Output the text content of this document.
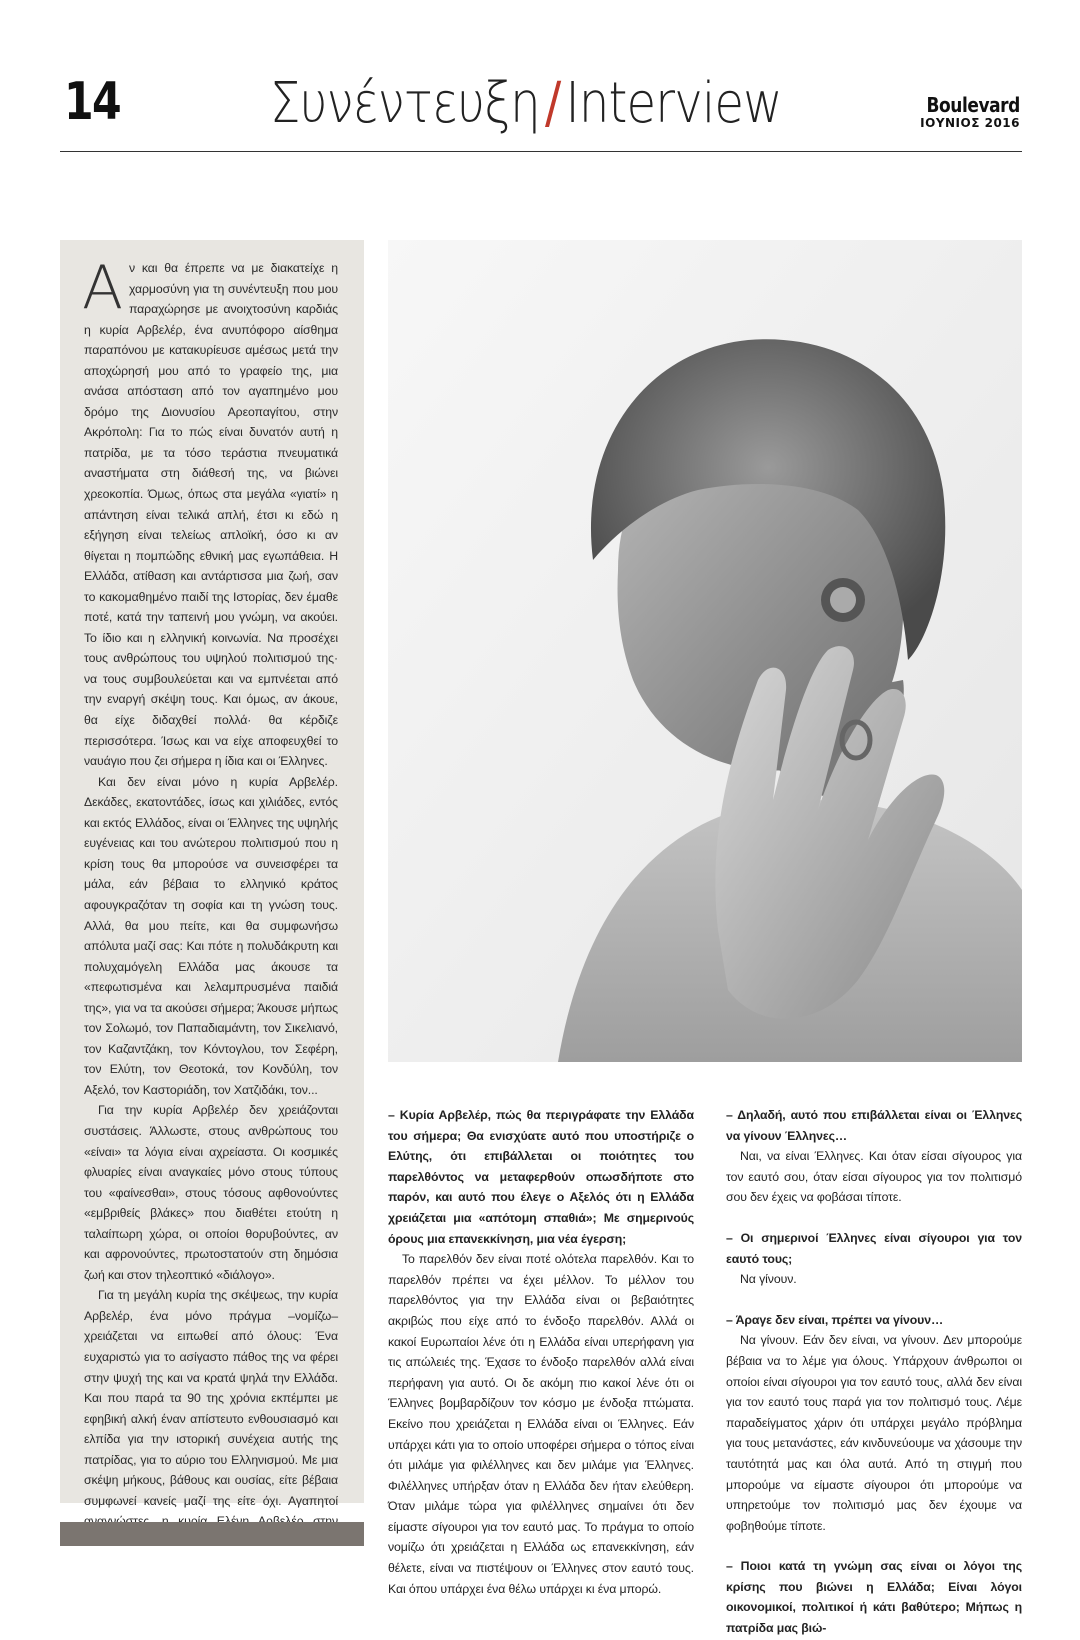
14	Συνέντευξη/Interview	Boulevard
ΙΟΥΝΙΟΣ 2016

Αν και θα έπρεπε να με διακατείχε η χαρμοσύνη για τη συνέντευξη που μου παραχώρησε με ανοιχτοσύνη καρδιάς η κυρία Αρβελέρ, ένα ανυπόφορο αίσθημα παραπόνου με κατακυρίευσε αμέσως μετά την αποχώρησή μου από το γραφείο της, μια ανάσα απόσταση από τον αγαπημένο μου δρόμο της Διονυσίου Αρεοπαγίτου, στην Ακρόπολη: Για το πώς είναι δυνατόν αυτή η πατρίδα, με τα τόσο τεράστια πνευματικά αναστήματα στη διάθεσή της, να βιώνει χρεοκοπία. Όμως, όπως στα μεγάλα «γιατί» η απάντηση είναι τελικά απλή, έτσι κι εδώ η εξήγηση είναι τελείως απλοϊκή, όσο κι αν θίγεται η πομπώδης εθνική μας εγωπάθεια. Η Ελλάδα, ατίθαση και αντάρτισσα μια ζωή, σαν το κακομαθημένο παιδί της Ιστορίας, δεν έμαθε ποτέ, κατά την ταπεινή μου γνώμη, να ακούει. Το ίδιο και η ελληνική κοινωνία. Να προσέχει τους ανθρώπους του υψηλού πολιτισμού της· να τους συμβουλεύεται και να εμπνέεται από την εναργή σκέψη τους. Και όμως, αν άκουε, θα είχε διδαχθεί πολλά· θα κέρδιζε περισσότερα. Ίσως και να είχε αποφευχθεί το ναυάγιο που ζει σήμερα η ίδια και οι Έλληνες.

Και δεν είναι μόνο η κυρία Αρβελέρ. Δεκάδες, εκατοντάδες, ίσως και χιλιάδες, εντός και εκτός Ελλάδος, είναι οι Έλληνες της υψηλής ευγένειας και του ανώτερου πολιτισμού που η κρίση τους θα μπορούσε να συνεισφέρει τα μάλα, εάν βέβαια το ελληνικό κράτος αφουγκραζόταν τη σοφία και τη γνώση τους. Αλλά, θα μου πείτε, και θα συμφωνήσω απόλυτα μαζί σας: Και πότε η πολυδάκρυτη και πολυχαμόγελη Ελλάδα μας άκουσε τα «πεφωτισμένα και λελαμπρυσμένα παιδιά της», για να τα ακούσει σήμερα; Άκουσε μήπως τον Σολωμό, τον Παπαδιαμάντη, τον Σικελιανό, τον Καζαντζάκη, τον Κόντογλου, τον Σεφέρη, τον Ελύτη, τον Θεοτοκά, τον Κονδύλη, τον Αξελό, τον Καστοριάδη, τον Χατζιδάκι, τον...

Για την κυρία Αρβελέρ δεν χρειάζονται συστάσεις. Άλλωστε, στους ανθρώπους του «είναι» τα λόγια είναι αχρείαστα. Οι κοσμικές φλυαρίες είναι αναγκαίες μόνο στους τύπους του «φαίνεσθαι», στους τόσους αφθονούντες «εμβριθείς βλάκες» που διαθέτει ετούτη η ταλαίπωρη χώρα, οι οποίοι θορυβούντες, αν και αφρονούντες, πρωτοστατούν στη δημόσια ζωή και στον τηλεοπτικό «διάλογο».

Για τη μεγάλη κυρία της σκέψεως, την κυρία Αρβελέρ, ένα μόνο πράγμα –νομίζω– χρειάζεται να ειπωθεί από όλους: Ένα ευχαριστώ για το ασίγαστο πάθος της να φέρει στην ψυχή της και να κρατά ψηλά την Ελλάδα. Και που παρά τα 90 της χρόνια εκπέμπει με εφηβική αλκή έναν απίστευτο ενθουσιασμό και ελπίδα για την ιστορική συνέχεια αυτής της πατρίδας, για το αύριο του Ελληνισμού. Με μια σκέψη μήκους, βάθους και ουσίας, είτε βέβαια συμφωνεί κανείς μαζί της είτε όχι. Αγαπητοί

– Κυρία Αρβελέρ, πώς θα περιγράφατε την Ελλάδα του σήμερα; Θα ενισχύατε αυτό που υποστήριζε ο Ελύτης, ότι επιβάλλεται οι ποιότητες του παρελθόντος να μεταφερθούν οπωσδήποτε στο παρόν, και αυτό που έλεγε ο Αξελός ότι η Ελλάδα χρειάζεται μια «απότομη σπαθιά»; Με σημερινούς όρους μια επανεκκίνηση, μια νέα έγερση;

Το παρελθόν δεν είναι ποτέ ολότελα παρελθόν. Και το παρελθόν πρέπει να έχει μέλλον. Το μέλλον του παρελθόντος για την Ελλάδα είναι οι βεβαιότητες ακριβώς που είχε από το ένδοξο παρελθόν. Αλλά οι κακοί Ευρωπαίοι λένε ότι η Ελλάδα είναι υπερήφανη για τις απώλειές της. Έχασε το ένδοξο παρελθόν αλλά είναι περήφανη για αυτό. Οι δε ακόμη πιο κακοί λένε ότι οι Έλληνες βομβαρδίζουν τον κόσμο με ένδοξα πτώματα. Εκείνο που χρειάζεται η Ελλάδα είναι οι Έλληνες. Εάν υπάρχει κάτι για το οποίο υποφέρει σήμερα ο τόπος είναι ότι μιλάμε για φιλέλληνες και δεν μιλάμε για Έλληνες. Φιλέλληνες υπήρξαν όταν η Ελλάδα δεν ήταν ελεύθερη. Όταν μιλάμε τώρα για φιλέλληνες σημαίνει ότι δεν είμαστε σίγουροι για τον εαυτό μας. Το πράγμα το οποίο νομίζω ότι χρειάζεται η Ελλάδα ως επανεκκίνηση, εάν θέλετε, είναι να πιστέψουν οι Έλληνες στον εαυτό τους. Και όπου υπάρχει ένα θέλω υπάρχει κι ένα μπορώ.

– Δηλαδή, αυτό που επιβάλλεται είναι οι Έλληνες να γίνουν Έλληνες…

Ναι, να είναι Έλληνες. Και όταν είσαι σίγουρος για τον εαυτό σου, όταν είσαι σίγουρος για τον πολιτισμό σου δεν έχεις να φοβάσαι τίποτε.

– Οι σημερινοί Έλληνες είναι σίγουροι για τον εαυτό τους;

Να γίνουν.

– Άραγε δεν είναι, πρέπει να γίνουν…

Να γίνουν. Εάν δεν είναι, να γίνουν. Δεν μπορούμε βέβαια να το λέμε για όλους. Υπάρχουν άνθρωποι οι οποίοι είναι σίγουροι για τον εαυτό τους, αλλά δεν είναι για τον εαυτό τους παρά για τον πολιτισμό τους. Λέμε παραδείγματος χάριν ότι υπάρχει μεγάλο πρόβλημα για τους μετανάστες, εάν κινδυνεύουμε να χάσουμε την ταυτότητά μας και όλα αυτά. Από τη στιγμή που μπορούμε να είμαστε σίγουροι ότι μπορούμε να υπηρετούμε τον πολιτισμό μας δεν έχουμε να φοβηθούμε τίποτε.

– Ποιοι κατά τη γνώμη σας είναι οι λόγοι της κρίσης που βιώνει η Ελλάδα; Είναι λόγοι οικονομικοί, πολιτικοί ή κάτι βαθύτερο; Μήπως η πατρίδα μας βιώ-
